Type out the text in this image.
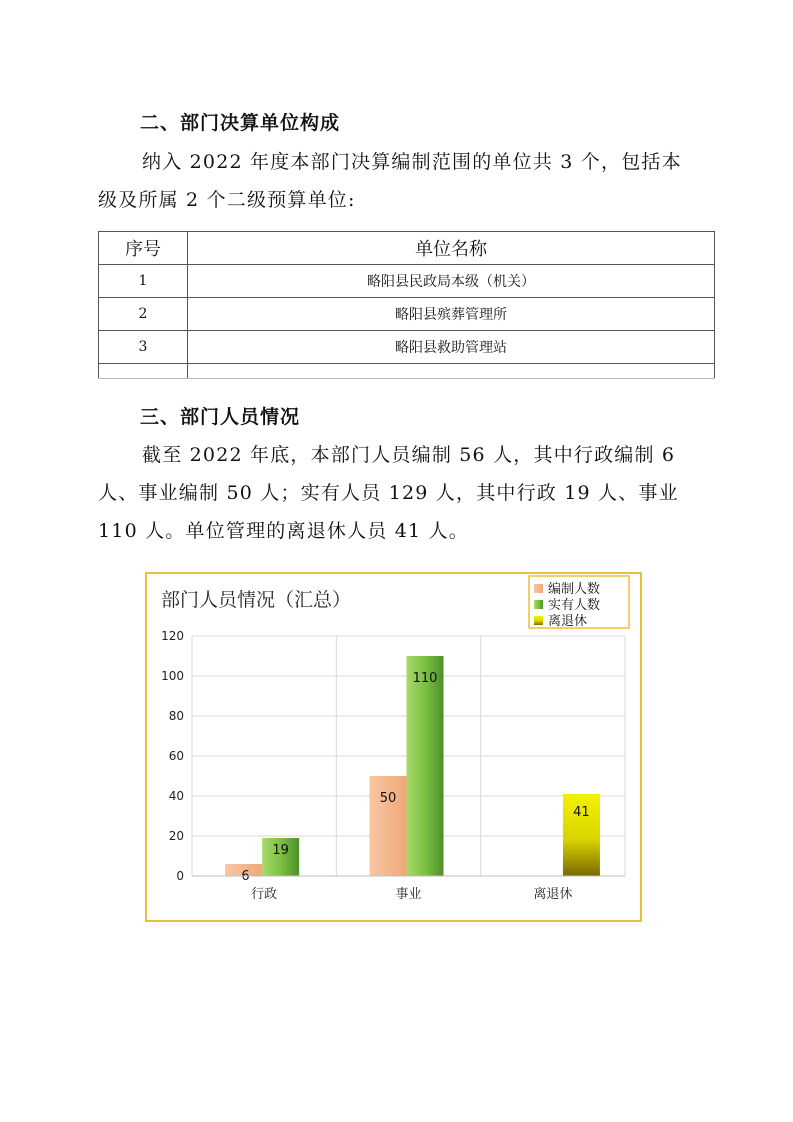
二、部门决算单位构成
纳入 2022 年度本部门决算编制范围的单位共 3 个，包括本级及所属 2 个二级预算单位:
序号	单位名称
1	略阳县民政局本级（机关）
2	略阳县殡葬管理所
3	略阳县救助管理站

三、部门人员情况
截至 2022 年底，本部门人员编制 56 人，其中行政编制 6 人、事业编制 50 人；实有人员 129 人，其中行政 19 人、事业 110 人。单位管理的离退休人员 41 人。
部门人员情况（汇总）	编制人数
实有人数
离退休
0
20
40
60
80
100
120
6
19
50
110
41
行政	事业	离退休
